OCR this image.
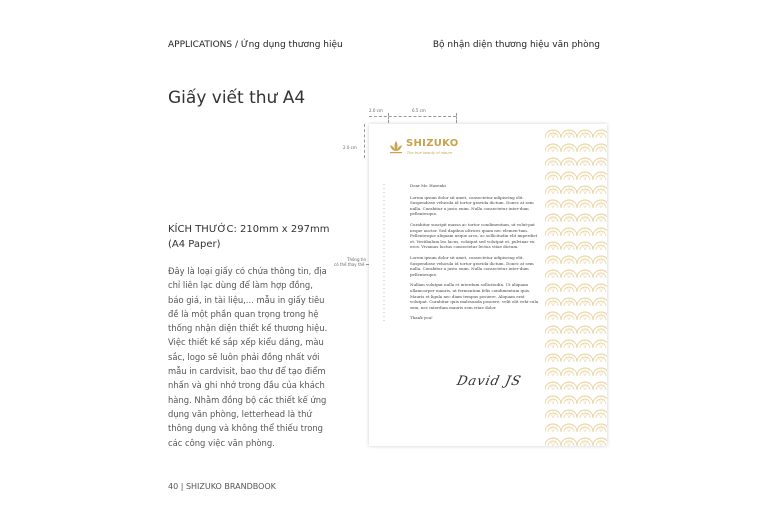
APPLICATIONS / Ứng dụng thương hiệu	Bộ nhận diện thương hiệu văn phòng
Giấy viết thư A4
KÍCH THƯỚC: 210mm x 297mm (A4 Paper)
Đây là loại giấy có chứa thông tin, địa chỉ liên lạc dùng để làm hợp đồng, báo giá, in tài liệu,... mẫu in giấy tiêu đề là một phần quan trọng trong hệ thống nhận diện thiết kế thương hiệu. Việc thiết kế sắp xếp kiểu dáng, màu sắc, logo sẽ luôn phải đồng nhất với mẫu in cardvisit, bao thư để tạo điểm nhấn và ghi nhớ trong đầu của khách hàng. Nhằm đồng bộ các thiết kế ứng dụng văn phòng, letterhead là thứ thông dụng và không thể thiếu trong các công việc văn phòng.
40 | SHIZUKO BRANDBOOK
2.0 cm	6.5 cm
2.0 cm
Thông tin
có thể thay thế
SHIZUKO
The true beauty of nature

Dear Mr. Hasenki

Lorem ipsum dolor sit amet, consectetur adipiscing elit. Suspendisse vehicula id tortor gravida dictum. Donec at sem nulla. Curabitur a justo enim. Nulla consectetur inter-dum pellentesque.

Curabitur suscipit massa ac tortor condimentum, ut volut-pat neque auctor. Sed dapibus ultrices quam nec elemen-tum. Pellentesque aliquam neque arcu, ac sollicitudin elit imperdiet et. Vestibulum leo lacus, volutpat sed volutpat et, pulvinar eu eros. Vivamus luctus consectetur lectus vitae dictum.

Lorem ipsum dolor sit amet, consectetur adipiscing elit. Suspendisse vehicula id tortor gravida dictum. Donec at sem nulla. Curabitur a justo enim. Nulla consectetur inter-dum pellentesque.

Nullam volutpat nulla et interdum sollicitudin. Ut aliquam ullamcorper mauris, ut fermentum felis condimentum quis. Mauris et ligula nec diam tempus posuere. Aliquam erat volutpat. Curabitur quis malesuada posuere, velit elit vehi-cula sem, nec interdum mauris sem vitae dolor.

Thank you!

David JS
